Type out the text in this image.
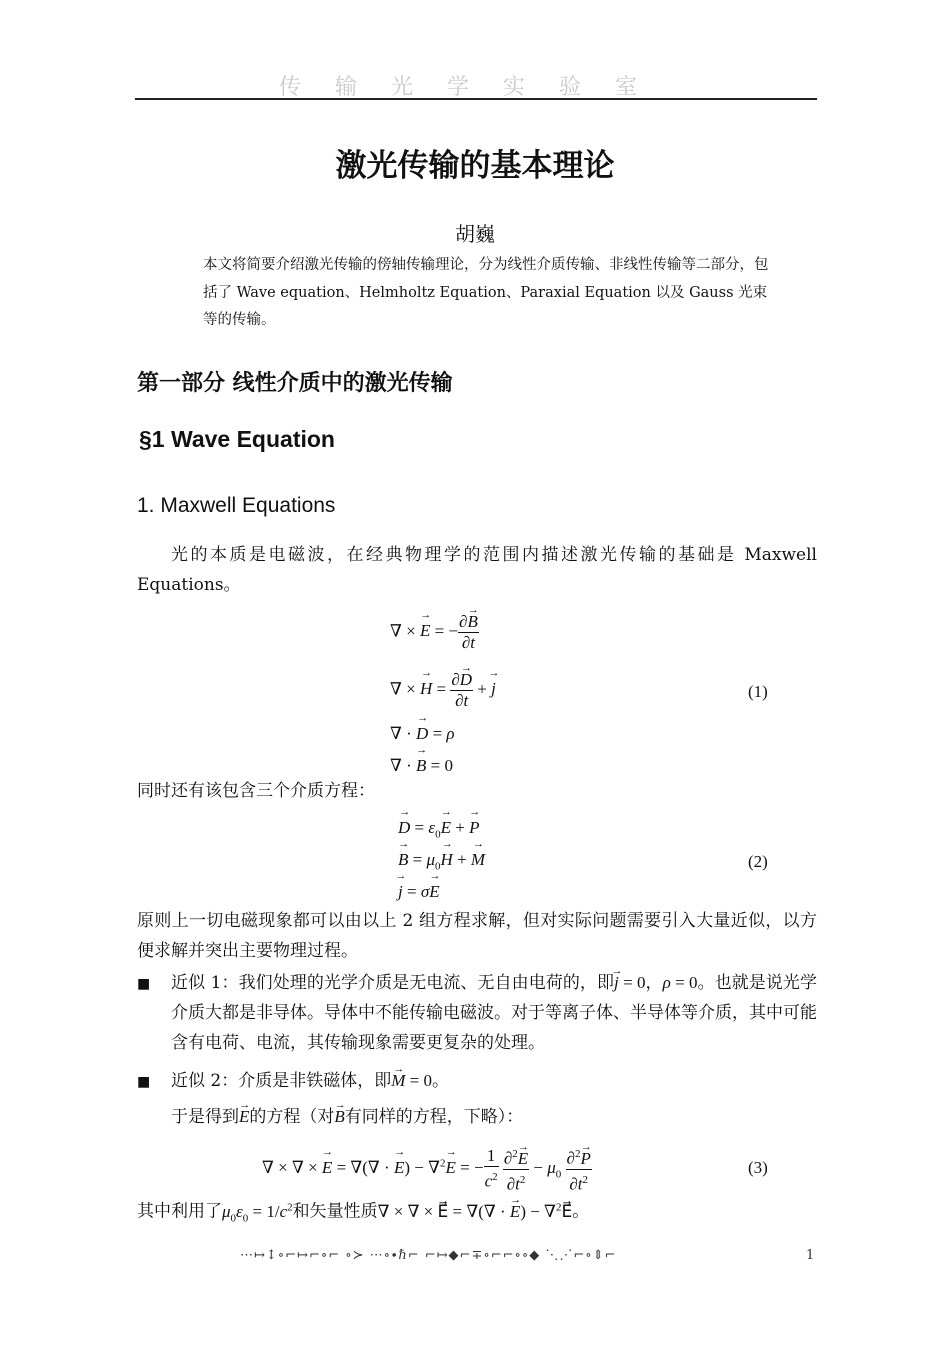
传输光学实验室
激光传输的基本理论
胡巍
本文将简要介绍激光传输的傍轴传输理论，分为线性介质传输、非线性传输等二部分，包括了 Wave equation、Helmholtz Equation、Paraxial Equation 以及 Gauss 光束等的传输。
第一部分 线性介质中的激光传输
§1 Wave Equation
1. Maxwell Equations
光的本质是电磁波，在经典物理学的范围内描述激光传输的基础是 Maxwell Equations。
∇ × → E = − $\frac{\partial\to B}{\partial t}$
∇ × → $H = \frac{\partial\to D}{\partial t}$ + → j
∇ · → D = ρ
∇ · → B = 0
(1)
同时还有该包含三个介质方程：
→ $D = \varepsilon_0\to E$ + → P
→ $B = \mu_0\to H$ + → M
→ j = σ→ E
(2)
原则上一切电磁现象都可以由以上 2 组方程求解，但对实际问题需要引入大量近似，以方便求解并突出主要物理过程。
■ 近似 1：我们处理的光学介质是无电流、无自由电荷的，即→ j = 0，ρ = 0。也就是说光学介质大都是非导体。导体中不能传输电磁波。对于等离子体、半导体等介质，其中可能含有电荷、电流，其传输现象需要更复杂的处理。
■ 近似 2：介质是非铁磁体，即→ M = 0。
于是得到→ E的方程（对→ B有同样的方程，下略）：
∇ × ∇ × → E = ∇(∇ · → E) − ∇$^2$→ E = − $\frac{1}{c^2}$
$\frac{\partial^2\to E}{\partial t^2} - \mu_0 \frac{\partial^2\to P}{\partial t^2}$	(3)
其中利用了$\mu_0\varepsilon_0 = 1/c^2$和矢量性质∇ × ∇ × E⃗ = ∇(∇ · → E) − ∇$^2$E⃗。
⋯↦↕∘⌐↦⌐∘⌐ ∘≻ ⋯∘∙ℏ⌐ ⌐↦◆⌐∓∘⌐⌐∘∘◆ ⋱⋰⌐∘⇕⌐	1
